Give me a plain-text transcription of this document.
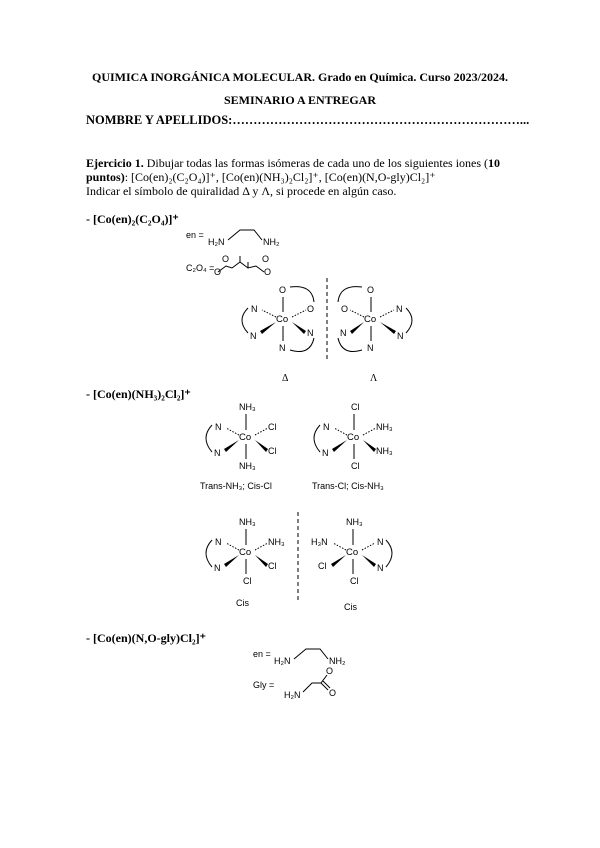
QUIMICA INORGÁNICA MOLECULAR. Grado en Química. Curso 2023/2024.
SEMINARIO A ENTREGAR
NOMBRE Y APELLIDOS:……………………………………………………………...
Ejercicio 1. Dibujar todas las formas isómeras de cada uno de los siguientes iones (10
puntos): [Co(en)₂(C₂O₄)]⁺, [Co(en)(NH₃)₂Cl₂]⁺, [Co(en)(N,O-gly)Cl₂]⁺
Indicar el símbolo de quiralidad Δ y Λ, si procede en algún caso.
- [Co(en)₂(C₂O₄)]⁺
en =
H₂N	NH₂
C₂O₄ =
O	O
O	O
Co
O
N
N	O
N	N
Δ
Co
O
N
O	N
N	N
Λ
Co
NH₃
NH₃
N
N
Cl
Cl
Trans-NH₃; Cis-Cl
Co
Cl
Cl
N
N
NH₃
NH₃
Trans-Cl; Cis-NH₃
Co
NH₃
Cl
N
N
NH₃
Cl
Cis
Co
NH₃
Cl
H₃N
Cl
N
N
Cis
en =
H₂N	NH₂
Gly =
H₂N
O
O
- [Co(en)(NH₃)₂Cl₂]⁺
- [Co(en)(N,O-gly)Cl₂]⁺
